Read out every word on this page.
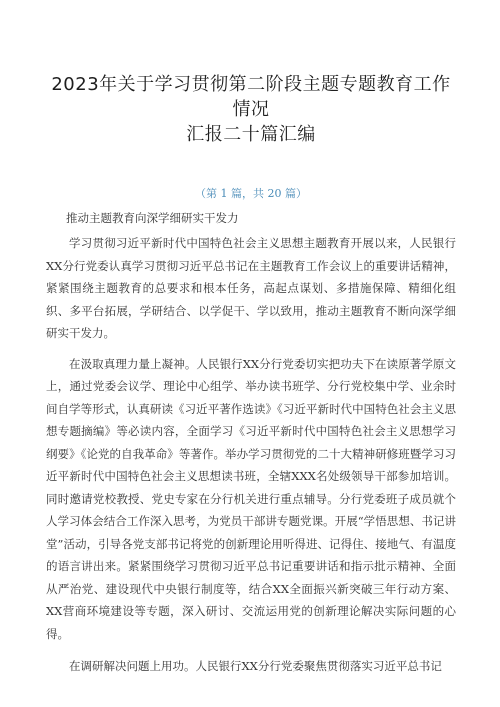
2023年关于学习贯彻第二阶段主题专题教育工作情况
汇报二十篇汇编
（第 1 篇，共 20 篇）
推动主题教育向深学细研实干发力

学习贯彻习近平新时代中国特色社会主义思想主题教育开展以来，人民银行XX分行党委认真学习贯彻习近平总书记在主题教育工作会议上的重要讲话精神，紧紧围绕主题教育的总要求和根本任务，高起点谋划、多措施保障、精细化组织、多平台拓展，学研结合、以学促干、学以致用，推动主题教育不断向深学细研实干发力。

在汲取真理力量上凝神。人民银行XX分行党委切实把功夫下在读原著学原文上，通过党委会议学、理论中心组学、举办读书班学、分行党校集中学、业余时间自学等形式，认真研读《习近平著作选读》《习近平新时代中国特色社会主义思想专题摘编》等必读内容，全面学习《习近平新时代中国特色社会主义思想学习纲要》《论党的自我革命》等著作。举办学习贯彻党的二十大精神研修班暨学习习近平新时代中国特色社会主义思想读书班，全辖XXX名处级领导干部参加培训。同时邀请党校教授、党史专家在分行机关进行重点辅导。分行党委班子成员就个人学习体会结合工作深入思考，为党员干部讲专题党课。开展“学悟思想、书记讲堂”活动，引导各党支部书记将党的创新理论用听得进、记得住、接地气、有温度的语言讲出来。紧紧围绕学习贯彻习近平总书记重要讲话和指示批示精神、全面从严治党、建设现代中央银行制度等，结合XX全面振兴新突破三年行动方案、XX营商环境建设等专题，深入研讨、交流运用党的创新理论解决实际问题的心得。

在调研解决问题上用功。人民银行XX分行党委聚焦贯彻落实习近平总书记
